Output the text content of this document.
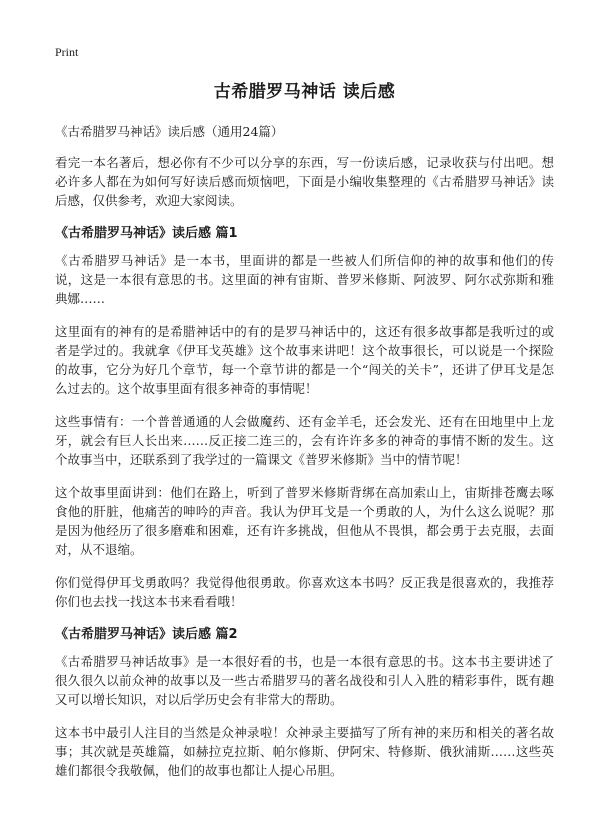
Print
古希腊罗马神话 读后感
《古希腊罗马神话》读后感（通用24篇）
看完一本名著后，想必你有不少可以分享的东西，写一份读后感，记录收获与付出吧。想必许多人都在为如何写好读后感而烦恼吧，下面是小编收集整理的《古希腊罗马神话》读后感，仅供参考，欢迎大家阅读。
《古希腊罗马神话》读后感 篇1
《古希腊罗马神话》是一本书，里面讲的都是一些被人们所信仰的神的故事和他们的传说，这是一本很有意思的书。这里面的神有宙斯、普罗米修斯、阿波罗、阿尔忒弥斯和雅典娜……
这里面有的神有的是希腊神话中的有的是罗马神话中的，这还有很多故事都是我听过的或者是学过的。我就拿《伊耳戈英雄》这个故事来讲吧！这个故事很长，可以说是一个探险的故事，它分为好几个章节，每一个章节讲的都是一个“闯关的关卡”，还讲了伊耳戈是怎么过去的。这个故事里面有很多神奇的事情呢！
这些事情有：一个普普通通的人会做魔药、还有金羊毛，还会发光、还有在田地里中上龙牙，就会有巨人长出来……反正接二连三的，会有许许多多的神奇的事情不断的发生。这个故事当中，还联系到了我学过的一篇课文《普罗米修斯》当中的情节呢！
这个故事里面讲到：他们在路上，听到了普罗米修斯背绑在高加索山上，宙斯排苍鹰去啄食他的肝脏，他痛苦的呻吟的声音。我认为伊耳戈是一个勇敢的人，为什么这么说呢？那是因为他经历了很多磨难和困难，还有许多挑战，但他从不畏惧，都会勇于去克服，去面对，从不退缩。
你们觉得伊耳戈勇敢吗？我觉得他很勇敢。你喜欢这本书吗？反正我是很喜欢的，我推荐你们也去找一找这本书来看看哦！
《古希腊罗马神话》读后感 篇2
《古希腊罗马神话故事》是一本很好看的书，也是一本很有意思的书。这本书主要讲述了很久很久以前众神的故事以及一些古希腊罗马的著名战役和引人入胜的精彩事件，既有趣又可以增长知识，对以后学历史会有非常大的帮助。
这本书中最引人注目的当然是众神录啦！众神录主要描写了所有神的来历和相关的著名故事；其次就是英雄篇，如赫拉克拉斯、帕尔修斯、伊阿宋、特修斯、俄狄浦斯……这些英雄们都很令我敬佩，他们的故事也都让人提心吊胆。
